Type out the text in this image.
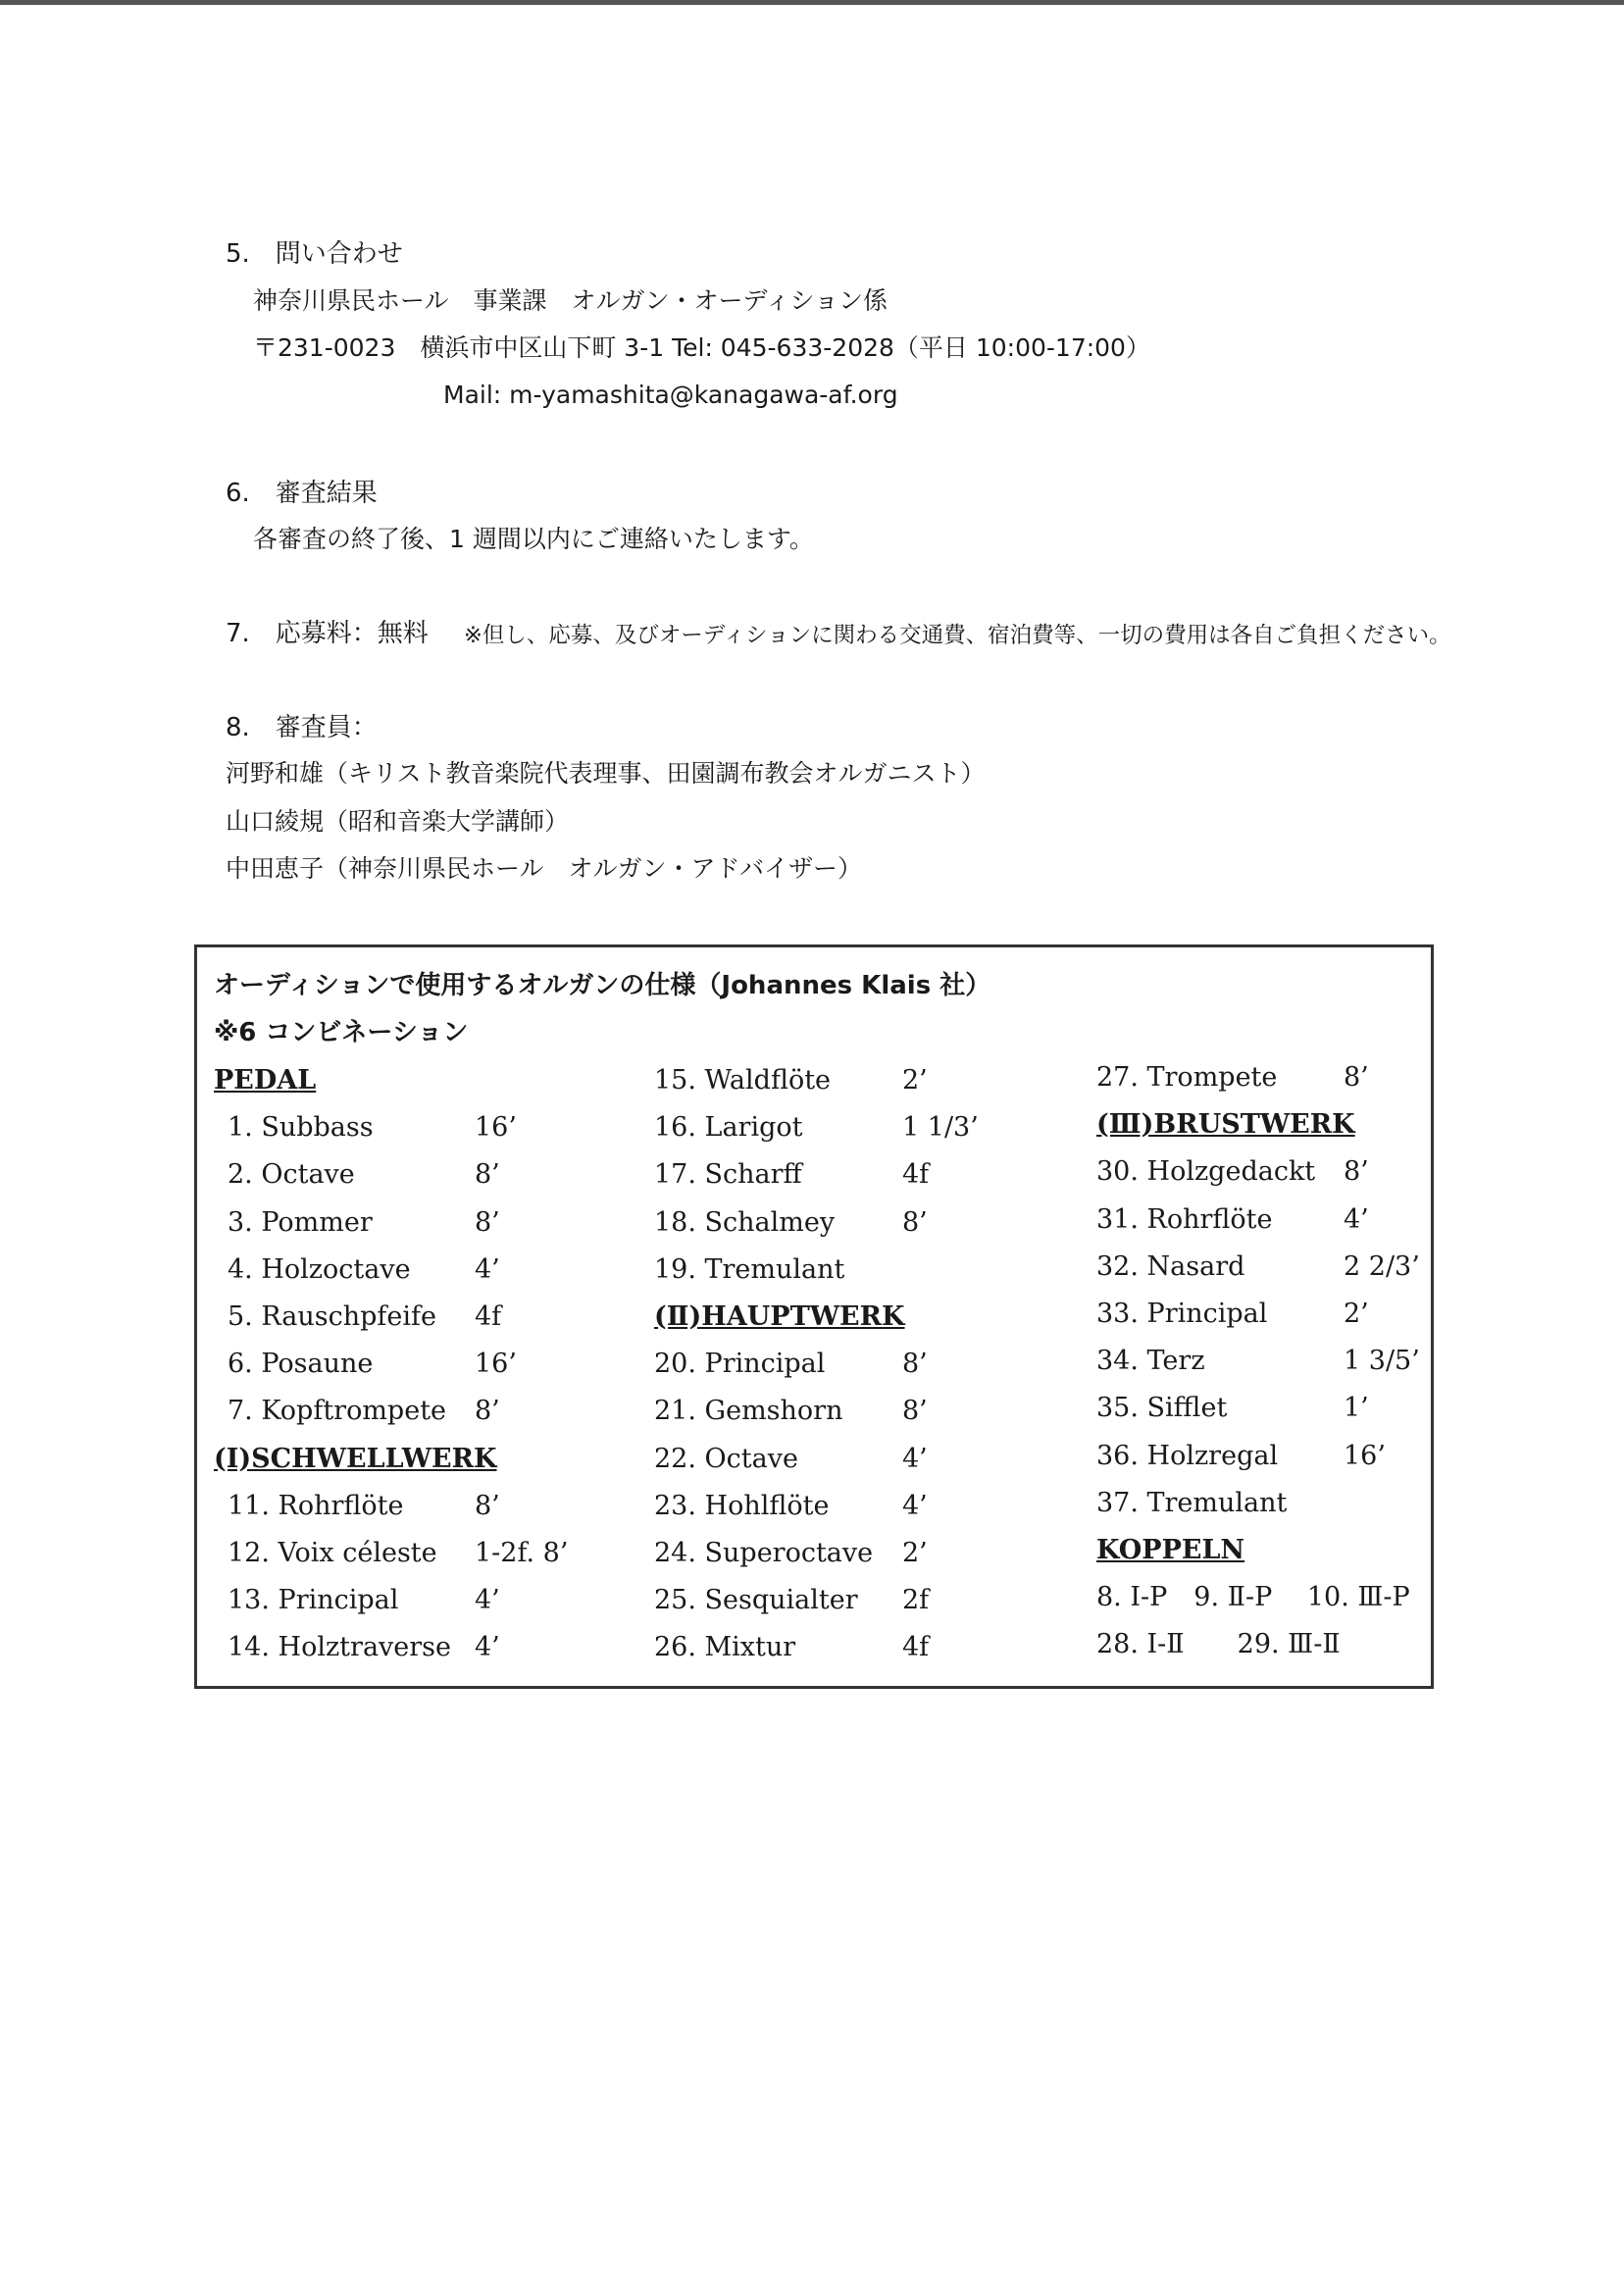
5.　問い合わせ
神奈川県民ホール　事業課　オルガン・オーディション係
〒231-0023　横浜市中区山下町 3-1 Tel: 045-633-2028（平日 10:00-17:00）
Mail: m-yamashita@kanagawa-af.org
6.　審査結果
各審査の終了後、1 週間以内にご連絡いたします。
7.　応募料：無料 ※但し、応募、及びオーディションに関わる交通費、宿泊費等、一切の費用は各自ご負担ください。
8.　審査員：
河野和雄（キリスト教音楽院代表理事、田園調布教会オルガニスト）
山口綾規（昭和音楽大学講師）
中田恵子（神奈川県民ホール　オルガン・アドバイザー）
オーディションで使用するオルガンの仕様（Johannes Klais 社）
※6 コンビネーション
PEDAL
1. Subbass	16’
2. Octave	8’
3. Pommer	8’
4. Holzoctave 4’
5. Rauschpfeife 4f
6. Posaune	16’
7. Kopftrompete 8’
(Ⅰ)SCHWELLWERK
11. Rohrflöte	8’
12. Voix céleste 1-2f. 8’
13. Principal	4’
14. Holztraverse 4’
15. Waldflöte	2’
16. Larigot	1 1/3’
17. Scharff	4f
18. Schalmey	8’
19. Tremulant
(Ⅱ)HAUPTWERK
20. Principal	8’
21. Gemshorn 8’
22. Octave	4’
23. Hohlflöte	4’
24. Superoctave 2’
25. Sesquialter 2f
26. Mixtur	4f
27. Trompete	8’
(Ⅲ)BRUSTWERK
30. Holzgedackt 8’
31. Rohrflöte	4’
32. Nasard	2 2/3’
33. Principal	2’
34. Terz	1 3/5’
35. Sifflet	1’
36. Holzregal 16’
37. Tremulant
KOPPELN
8. Ⅰ-P 9. Ⅱ-P  10. Ⅲ-P
28. Ⅰ-Ⅱ  29. Ⅲ-Ⅱ
